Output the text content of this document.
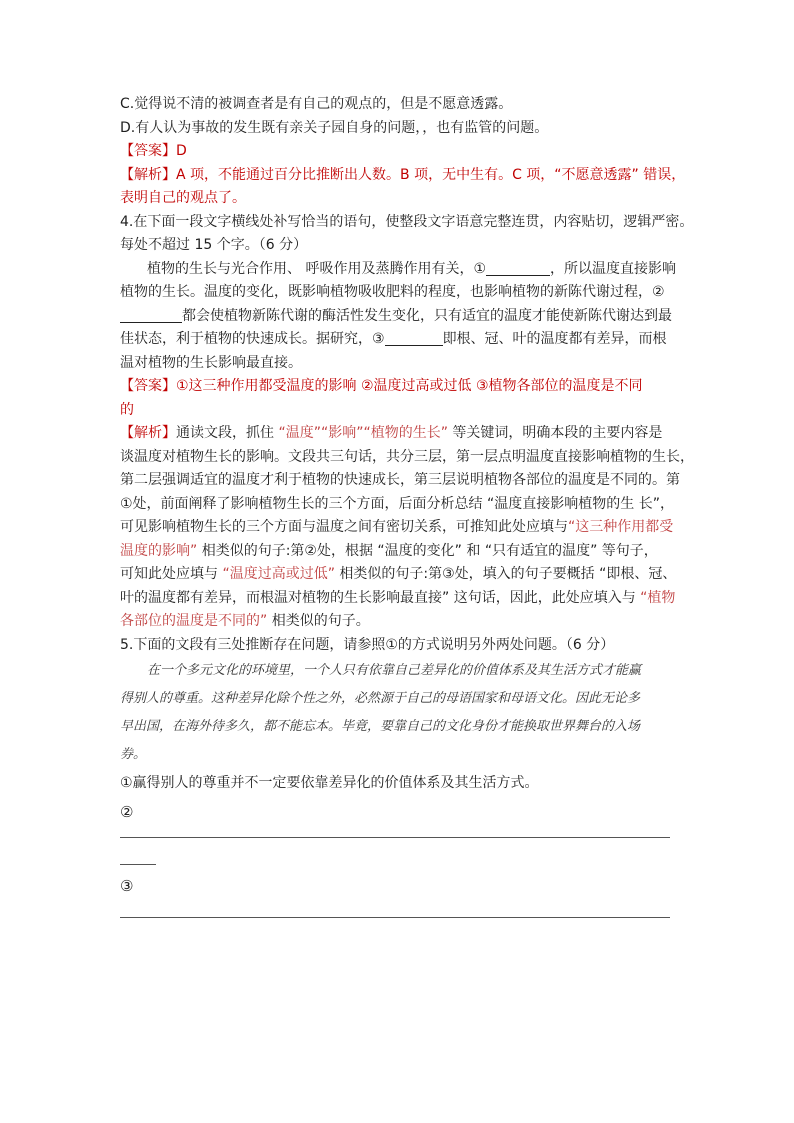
C.觉得说不清的被调查者是有自己的观点的，但是不愿意透露。
D.有人认为事故的发生既有亲关子园自身的问题，，也有监管的问题。
【答案】D
【解析】A 项，不能通过百分比推断出人数。B 项，无中生有。C 项，“不愿意透露” 错误，
表明自己的观点了。
4.在下面一段文字横线处补写恰当的语句，使整段文字语意完整连贯，内容贴切，逻辑严密。
每处不超过 15 个字。（6 分）
植物的生长与光合作用、 呼吸作用及蒸腾作用有关，①	，所以温度直接影响
植物的生长。温度的变化，既影响植物吸收肥料的程度，也影响植物的新陈代谢过程，②
都会使植物新陈代谢的酶活性发生变化，只有适宜的温度才能使新陈代谢达到最
佳状态，利于植物的快速成长。据研究，③	即根、冠、叶的温度都有差异，而根
温对植物的生长影响最直接。
【答案】①这三种作用都受温度的影响 ②温度过高或过低 ③植物各部位的温度是不同
的
【解析】通读文段，抓住 “温度”“影响”“植物的生长” 等关键词，明确本段的主要内容是
谈温度对植物生长的影响。文段共三句话，共分三层，第一层点明温度直接影响植物的生长，
第二层强调适宜的温度才利于植物的快速成长，第三层说明植物各部位的温度是不同的。第
①处，前面阐释了影响植物生长的三个方面，后面分析总结 “温度直接影响植物的生 长”，
可见影响植物生长的三个方面与温度之间有密切关系，可推知此处应填与“这三种作用都受
温度的影响” 相类似的句子:第②处，根据 “温度的变化” 和 “只有适宜的温度” 等句子，
可知此处应填与 “温度过高或过低” 相类似的句子:第③处，填入的句子要概括 “即根、冠、
叶的温度都有差异，而根温对植物的生长影响最直接” 这句话，因此，此处应填入与 “植物
各部位的温度是不同的” 相类似的句子。
5.下面的文段有三处推断存在问题，请参照①的方式说明另外两处问题。（6 分）
在一个多元文化的环境里，一个人只有依靠自己差异化的价值体系及其生活方式才能赢
得别人的尊重。这种差异化除个性之外，必然源于自己的母语国家和母语文化。因此无论多
早出国，在海外待多久，都不能忘本。毕竟，要靠自己的文化身份才能换取世界舞台的入场
券。
①赢得别人的尊重并不一定要依靠差异化的价值体系及其生活方式。
②
③
